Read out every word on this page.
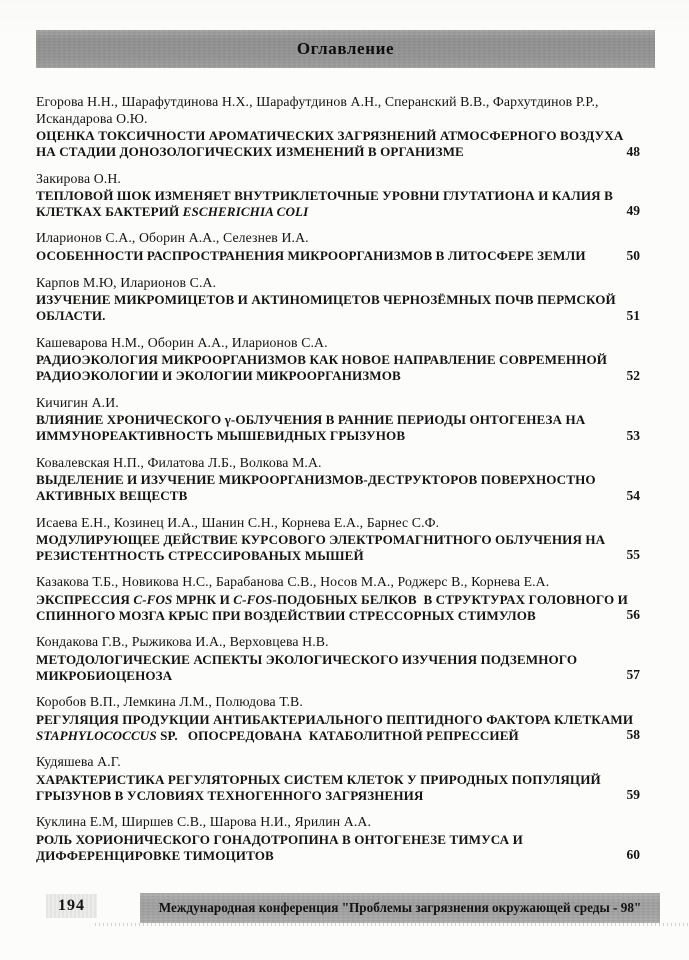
Оглавление
Егорова Н.Н., Шарафутдинова Н.Х., Шарафутдинов А.Н., Сперанский В.В., Фархутдинов Р.Р., Искандарова О.Ю.
ОЦЕНКА ТОКСИЧНОСТИ АРОМАТИЧЕСКИХ ЗАГРЯЗНЕНИЙ АТМОСФЕРНОГО ВОЗДУХА НА СТАДИИ ДОНОЗОЛОГИЧЕСКИХ ИЗМЕНЕНИЙ В ОРГАНИЗМЕ	48
Закирова О.Н.
ТЕПЛОВОЙ ШОК ИЗМЕНЯЕТ ВНУТРИКЛЕТОЧНЫЕ УРОВНИ ГЛУТАТИОНА И КАЛИЯ В КЛЕТКАХ БАКТЕРИЙ ESCHERICHIA COLI	49
Иларионов С.А., Оборин А.А., Селезнев И.А.
ОСОБЕННОСТИ РАСПРОСТРАНЕНИЯ МИКРООРГАНИЗМОВ В ЛИТОСФЕРЕ ЗЕМЛИ	50
Карпов М.Ю, Иларионов С.А.
ИЗУЧЕНИЕ МИКРОМИЦЕТОВ И АКТИНОМИЦЕТОВ ЧЕРНОЗЁМНЫХ ПОЧВ ПЕРМСКОЙ ОБЛАСТИ.	51
Кашеварова Н.М., Оборин А.А., Иларионов С.А.
РАДИОЭКОЛОГИЯ МИКРООРГАНИЗМОВ КАК НОВОЕ НАПРАВЛЕНИЕ СОВРЕМЕННОЙ РАДИОЭКОЛОГИИ И ЭКОЛОГИИ МИКРООРГАНИЗМОВ	52
Кичигин А.И.
ВЛИЯНИЕ ХРОНИЧЕСКОГО γ-ОБЛУЧЕНИЯ В РАННИЕ ПЕРИОДЫ ОНТОГЕНЕЗА НА ИММУНОРЕАКТИВНОСТЬ МЫШЕВИДНЫХ ГРЫЗУНОВ	53
Ковалевская Н.П., Филатова Л.Б., Волкова М.А.
ВЫДЕЛЕНИЕ И ИЗУЧЕНИЕ МИКРООРГАНИЗМОВ-ДЕСТРУКТОРОВ ПОВЕРХНОСТНО АКТИВНЫХ ВЕЩЕСТВ	54
Исаева Е.Н., Козинец И.А., Шанин С.Н., Корнева Е.А., Барнес С.Ф.
МОДУЛИРУЮЩЕЕ ДЕЙСТВИЕ КУРСОВОГО ЭЛЕКТРОМАГНИТНОГО ОБЛУЧЕНИЯ НА РЕЗИСТЕНТНОСТЬ СТРЕССИРОВАНЫХ МЫШЕЙ	55
Казакова Т.Б., Новикова Н.С., Барабанова С.В., Носов М.А., Роджерс В., Корнева Е.А.
ЭКСПРЕССИЯ C-FOS МРНК И C-FOS-ПОДОБНЫХ БЕЛКОВ  В СТРУКТУРАХ ГОЛОВНОГО И СПИННОГО МОЗГА КРЫС ПРИ ВОЗДЕЙСТВИИ СТРЕССОРНЫХ СТИМУЛОВ	56
Кондакова Г.В., Рыжикова И.А., Верховцева Н.В.
МЕТОДОЛОГИЧЕСКИЕ АСПЕКТЫ ЭКОЛОГИЧЕСКОГО ИЗУЧЕНИЯ ПОДЗЕМНОГО МИКРОБИОЦЕНОЗА	57
Коробов В.П., Лемкина Л.М., Полюдова Т.В.
РЕГУЛЯЦИЯ ПРОДУКЦИИ АНТИБАКТЕРИАЛЬНОГО ПЕПТИДНОГО ФАКТОРА КЛЕТКАМИ  STAPHYLOCOCCUS SP.   ОПОСРЕДОВАНА  КАТАБОЛИТНОЙ РЕПРЕССИЕЙ	58
Кудяшева А.Г.
ХАРАКТЕРИСТИКА РЕГУЛЯТОРНЫХ СИСТЕМ КЛЕТОК У ПРИРОДНЫХ ПОПУЛЯЦИЙ ГРЫЗУНОВ В УСЛОВИЯХ ТЕХНОГЕННОГО ЗАГРЯЗНЕНИЯ	59
Куклина Е.М, Ширшев С.В., Шарова Н.И., Ярилин А.А.
РОЛЬ ХОРИОНИЧЕСКОГО ГОНАДОТРОПИНА В ОНТОГЕНЕЗЕ ТИМУСА И ДИФФЕРЕНЦИРОВКЕ ТИМОЦИТОВ	60
194	Международная конференция "Проблемы загрязнения окружающей среды - 98"
